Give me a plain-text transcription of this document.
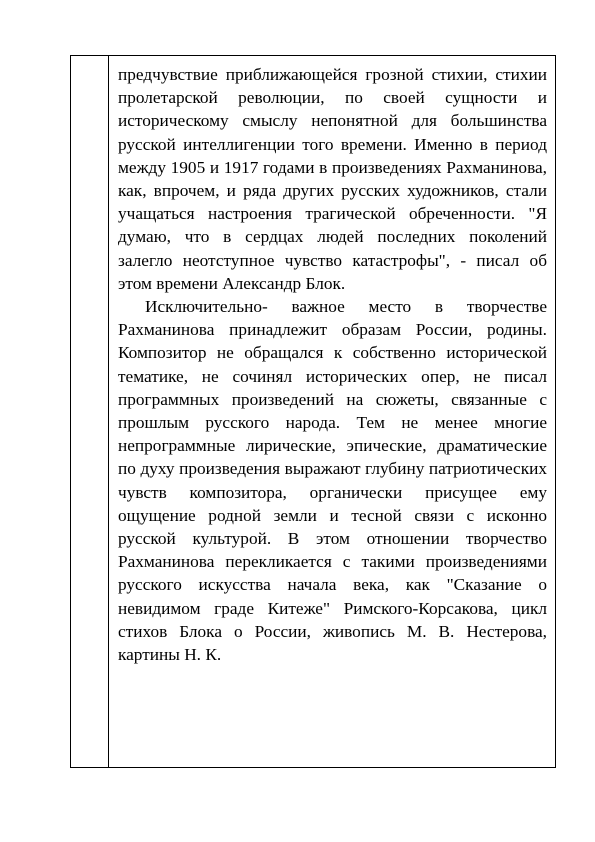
предчувствие приближающейся грозной стихии, стихии пролетарской революции, по своей сущности и историческому смыслу непонятной для большинства русской интеллигенции того времени. Именно в период между 1905 и 1917 годами в произведениях Рахманинова, как, впрочем, и ряда других русских художников, стали учащаться настроения трагической обреченности. "Я думаю, что в сердцах людей последних поколений залегло неотступное чувство катастрофы", - писал об этом времени Александр Блок.

Исключительно- важное место в творчестве Рахманинова принадлежит образам России, родины. Композитор не обращался к собственно исторической тематике, не сочинял исторических опер, не писал программных произведений на сюжеты, связанные с прошлым русского народа. Тем не менее многие непрограммные лирические, эпические, драматические по духу произведения выражают глубину патриотических чувств композитора, органически присущее ему ощущение родной земли и тесной связи с исконно русской культурой. В этом отношении творчество Рахманинова перекликается с такими произведениями русского искусства начала века, как "Сказание о невидимом граде Китеже" Римского-Корсакова, цикл стихов Блока о России, живопись М. В. Нестерова, картины Н. К.
